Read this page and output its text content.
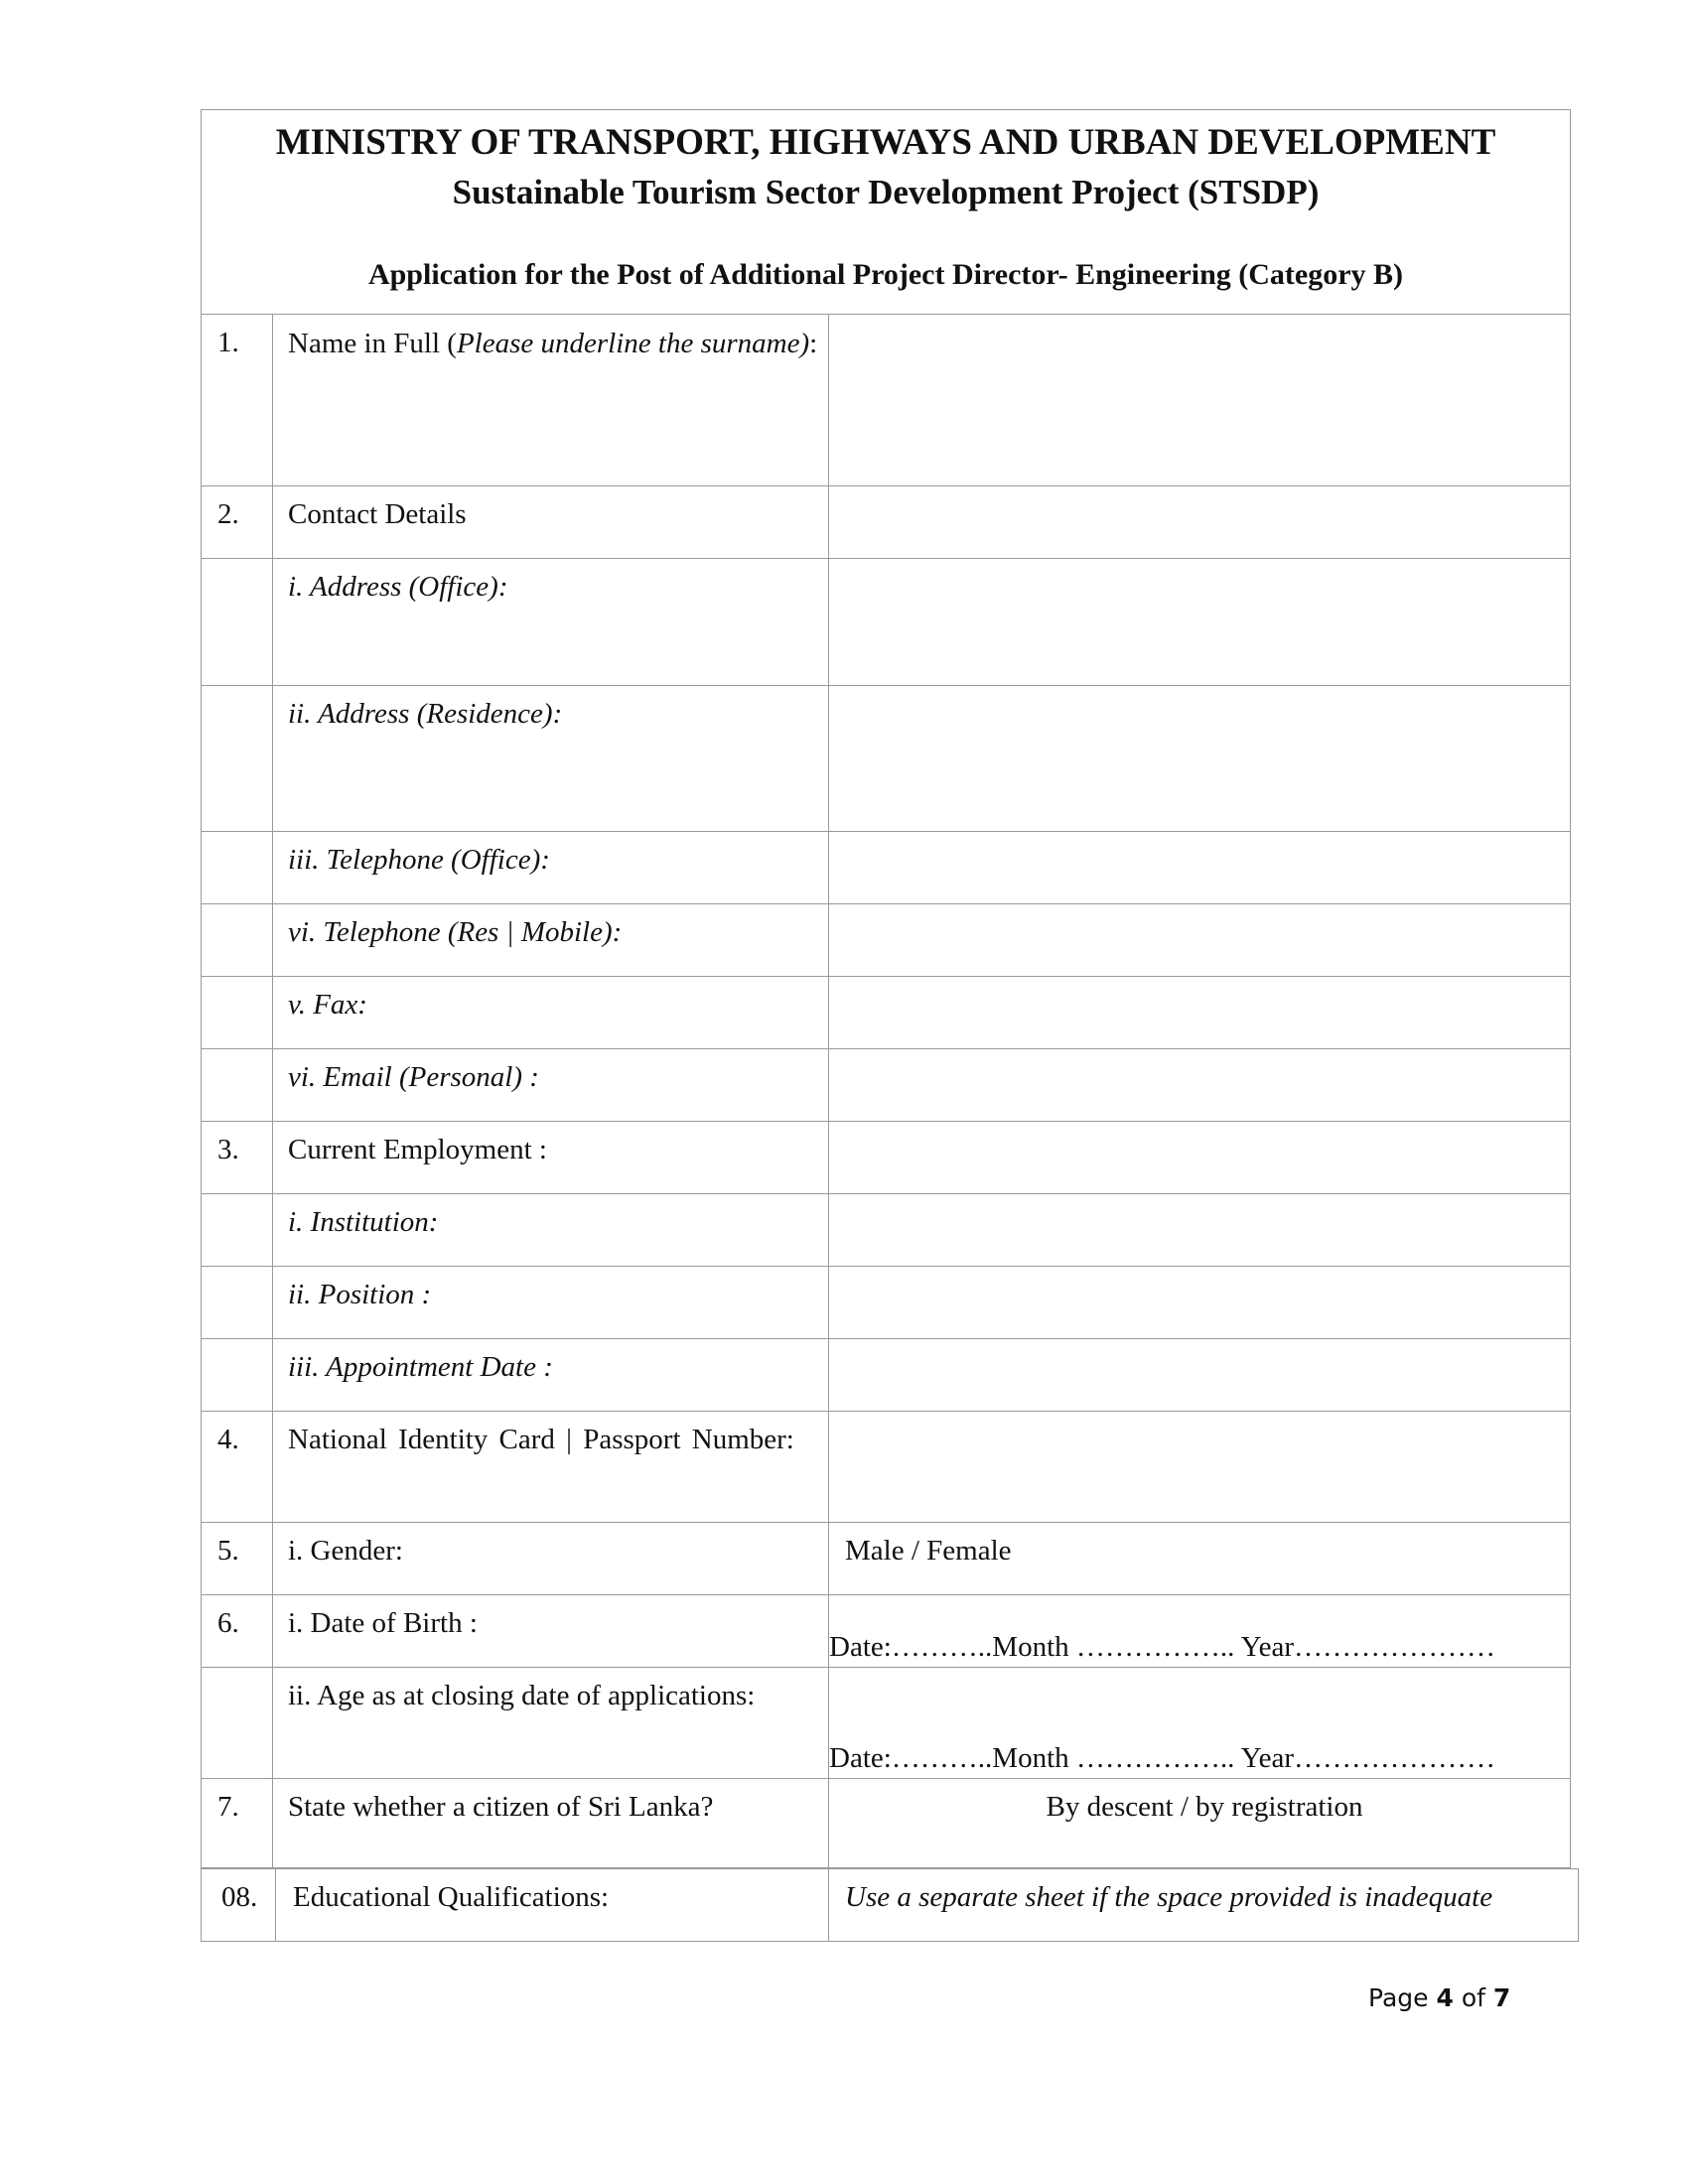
MINISTRY OF TRANSPORT, HIGHWAYS AND URBAN DEVELOPMENT
Sustainable Tourism Sector Development Project (STSDP)
Application for the Post of Additional Project Director- Engineering (Category B)
1.	Name in Full (Please underline the surname):	
2.	Contact Details	
	i. Address (Office):	
	ii. Address (Residence):	
	iii. Telephone (Office):	
	vi. Telephone (Res | Mobile):	
	v. Fax:	
	vi. Email (Personal) :	
3.	Current Employment :	
	i. Institution:	
	ii. Position :	
	iii. Appointment Date :	
4.	National Identity Card | Passport Number:	
5.	i. Gender:	Male / Female
6.	i. Date of Birth :	Date:………..Month …………….. Year…………………

	ii. Age as at closing date of applications:	Date:………..Month …………….. Year…………………

7.	State whether a citizen of Sri Lanka?	By descent / by registration
08.	Educational Qualifications:	Use a separate sheet if the space provided is inadequate
Page 4 of 7
